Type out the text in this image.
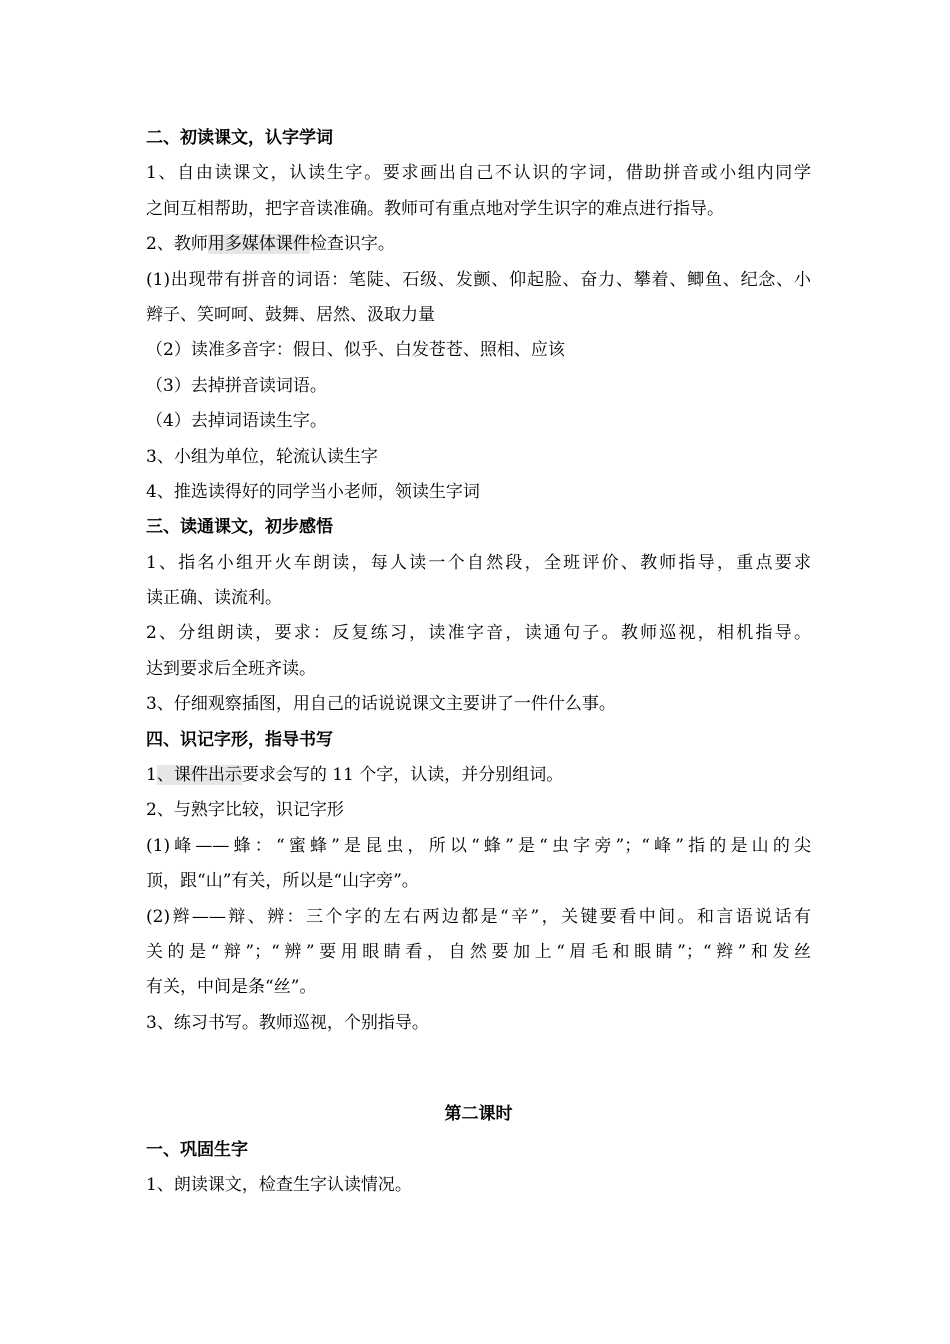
二、初读课文，认字学词
1、自由读课文，认读生字。要求画出自己不认识的字词，借助拼音或小组内同学
之间互相帮助，把字音读准确。教师可有重点地对学生识字的难点进行指导。
2、教师用多媒体课件检查识字。
(1)出现带有拼音的词语：笔陡、石级、发颤、仰起脸、奋力、攀着、鲫鱼、纪念、小
辫子、笑呵呵、鼓舞、居然、汲取力量
（2）读准多音字：假日、似乎、白发苍苍、照相、应该
（3）去掉拼音读词语。
（4）去掉词语读生字。
3、小组为单位，轮流认读生字
4、推选读得好的同学当小老师，领读生字词
三、读通课文，初步感悟
1、指名小组开火车朗读，每人读一个自然段，全班评价、教师指导，重点要求
读正确、读流利。
2、分组朗读，要求：反复练习，读准字音，读通句子。教师巡视，相机指导。
达到要求后全班齐读。
3、仔细观察插图，用自己的话说说课文主要讲了一件什么事。
四、识记字形，指导书写
1、课件出示要求会写的 11 个字，认读，并分别组词。
2、与熟字比较，识记字形
(1)峰——蜂：“蜜蜂”是昆虫，所以“蜂”是“虫字旁”；“峰”指的是山的尖
顶，跟“山”有关，所以是“山字旁”。
(2)辫——辩、辨：三个字的左右两边都是“辛”，关键要看中间。和言语说话有
关的是“辩”；“辨”要用眼睛看，自然要加上“眉毛和眼睛”；“辫”和发丝
有关，中间是条“丝”。
3、练习书写。教师巡视，个别指导。
第二课时
一、巩固生字
1、朗读课文，检查生字认读情况。
